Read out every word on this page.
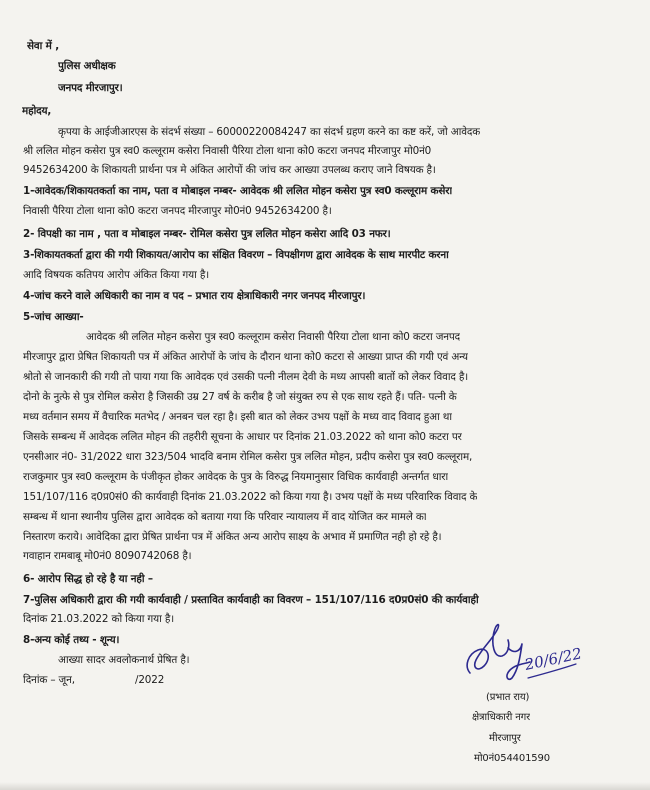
सेवा में ,

पुलिस अधीक्षक

जनपद मीरजापुर।

महोदय,

कृपया के आईजीआरएस के संदर्भ संख्या – 60000220084247 का संदर्भ ग्रहण करने का कष्ट करें, जो आवेदक

श्री ललित मोहन कसेरा पुत्र स्व0 कल्लूराम कसेरा निवासी पैरिया टोला थाना को0 कटरा जनपद मीरजापुर मो0नं0

9452634200 के शिकायती प्रार्थना पत्र मे अंकित आरोपों की जांच कर आख्या उपलब्ध कराए जाने विषयक है।

1-आवेदक/शिकायतकर्ता का नाम, पता व मोबाइल नम्बर- आवेदक श्री ललित मोहन कसेरा पुत्र स्व0 कल्लूराम कसेरा

निवासी पैरिया टोला थाना को0 कटरा जनपद मीरजापुर मो0नं0 9452634200 है।

2- विपक्षी का नाम , पता व मोबाइल नम्बर- रोमिल कसेरा पुत्र ललित मोहन कसेरा आदि 03 नफर।

3-शिकायतकर्ता द्वारा की गयी शिकायत/आरोप का संक्षित विवरण – विपक्षीगण द्वारा आवेदक के साथ मारपीट करना

आदि विषयक कतिपय आरोप अंकित किया गया है।

4-जांच करने वाले अधिकारी का नाम व पद – प्रभात राय क्षेत्राधिकारी नगर जनपद मीरजापुर।

5-जांच आख्या-

आवेदक श्री ललित मोहन कसेरा पुत्र स्व0 कल्लूराम कसेरा निवासी पैरिया टोला थाना को0 कटरा जनपद

मीरजापुर द्वारा प्रेषित शिकायती पत्र में अंकित आरोपों के जांच के दौरान थाना को0 कटरा से आख्या प्राप्त की गयी एवं अन्य

श्रोतो से जानकारी की गयी तो पाया गया कि आवेदक एवं उसकी पत्नी नीलम देवी के मध्य आपसी बातों को लेकर विवाद है।

दोनो के नुत्फे से पुत्र रोमिल कसेरा है जिसकी उम्र 27 वर्ष के करीब है जो संयुक्त रुप से एक साथ रहते हैं। पति- पत्नी के

मध्य वर्तमान समय में वैचारिक मतभेद / अनबन चल रहा है। इसी बात को लेकर उभय पक्षों के मध्य वाद विवाद हुआ था

जिसके सम्बन्ध में आवेदक ललित मोहन की तहरीरी सूचना के आधार पर दिनांक 21.03.2022 को थाना को0 कटरा पर

एनसीआर नं0- 31/2022 धारा 323/504 भादवि बनाम रोमिल कसेरा पुत्र ललित मोहन, प्रदीप कसेरा पुत्र स्व0 कल्लूराम,

राजकुमार पुत्र स्व0 कल्लूराम के पंजीकृत होकर आवेदक के पुत्र के विरुद्ध नियमानुसार विधिक कार्यवाही अन्तर्गत धारा

151/107/116 द0प्र0सं0 की कार्यवाही दिनांक 21.03.2022 को किया गया है। उभय पक्षों के मध्य परिवारिक विवाद के

सम्बन्ध में थाना स्थानीय पुलिस द्वारा आवेदक को बताया गया कि परिवार न्यायालय में वाद योजित कर मामले का

निस्तारण कराये। आवेदिका द्वारा प्रेषित प्रार्थना पत्र में अंकित अन्य आरोप साक्ष्य के अभाव में प्रमाणित नही हो रहे है।

गवाहान रामबाबू मो0नं0 8090742068 है।

6- आरोप सिद्ध हो रहे है या नही –

7-पुलिस अधिकारी द्वारा की गयी कार्यवाही / प्रस्तावित कार्यवाही का विवरण – 151/107/116 द0प्र0सं0 की कार्यवाही

दिनांक 21.03.2022 को किया गया है।

8-अन्य कोई तथ्य - शून्य।

आख्या सादर अवलोकनार्थ प्रेषित है।

दिनांक – जून,	/2022

20/6/22

(प्रभात राय)

क्षेत्राधिकारी नगर

मीरजापुर

मो0नं054401590
